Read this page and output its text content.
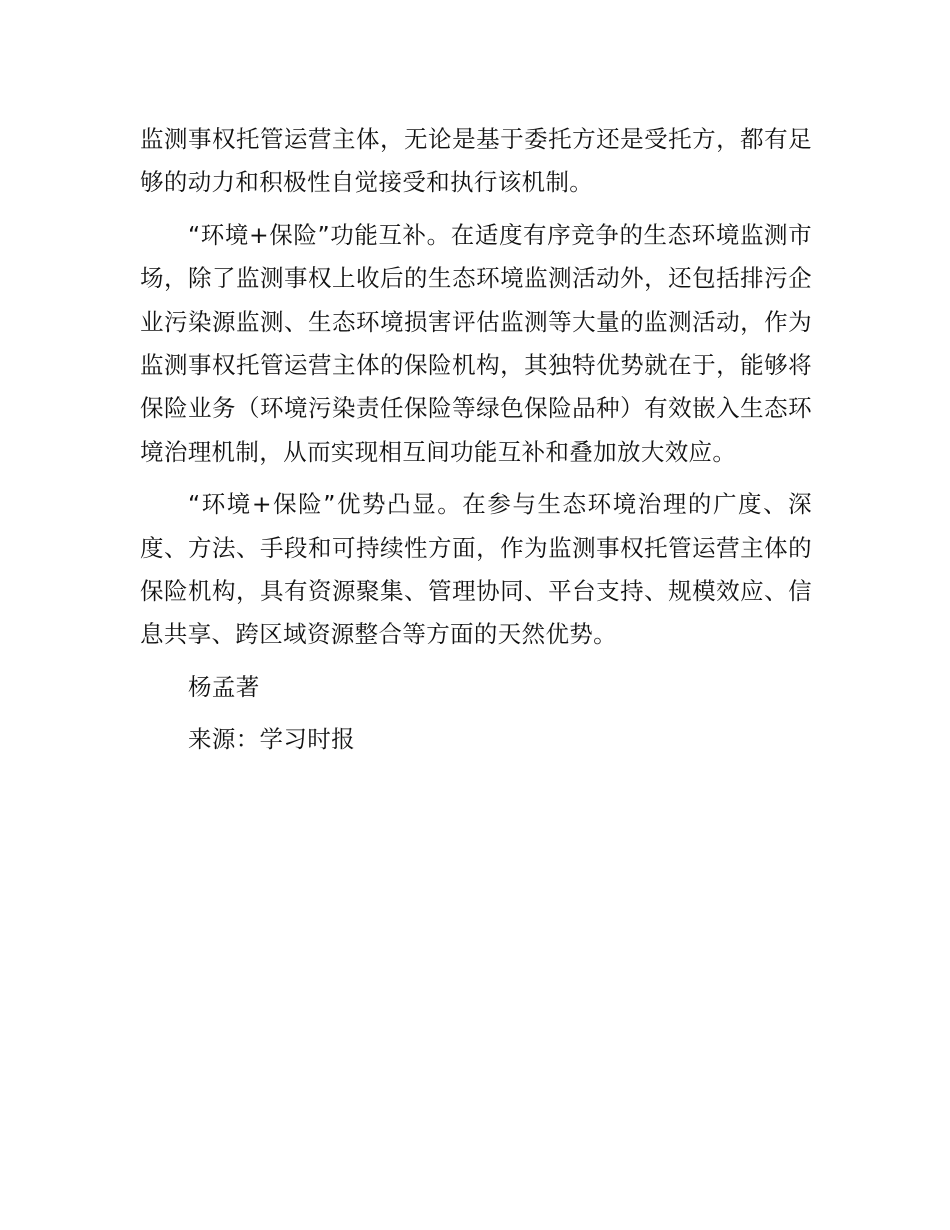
监测事权托管运营主体，无论是基于委托方还是受托方，都有足够的动力和积极性自觉接受和执行该机制。

“环境+保险”功能互补。在适度有序竞争的生态环境监测市场，除了监测事权上收后的生态环境监测活动外，还包括排污企业污染源监测、生态环境损害评估监测等大量的监测活动，作为监测事权托管运营主体的保险机构，其独特优势就在于，能够将保险业务（环境污染责任保险等绿色保险品种）有效嵌入生态环境治理机制，从而实现相互间功能互补和叠加放大效应。

“环境+保险”优势凸显。在参与生态环境治理的广度、深度、方法、手段和可持续性方面，作为监测事权托管运营主体的保险机构，具有资源聚集、管理协同、平台支持、规模效应、信息共享、跨区域资源整合等方面的天然优势。

杨孟著

来源：学习时报
